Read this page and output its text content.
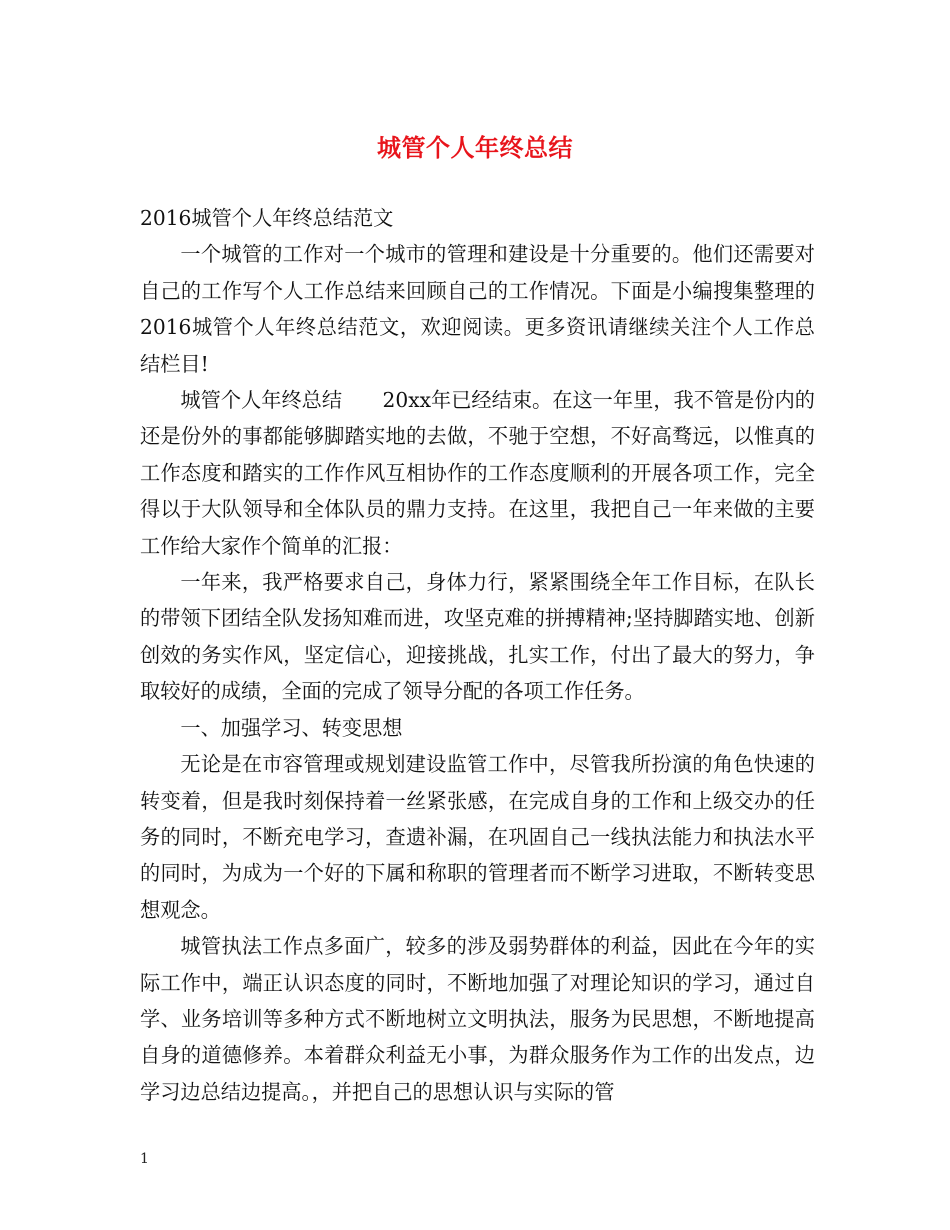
城管个人年终总结

2016城管个人年终总结范文

一个城管的工作对一个城市的管理和建设是十分重要的。他们还需要对自己的工作写个人工作总结来回顾自己的工作情况。下面是小编搜集整理的2016城管个人年终总结范文，欢迎阅读。更多资讯请继续关注个人工作总结栏目!

城管个人年终总结　　20xx年已经结束。在这一年里，我不管是份内的还是份外的事都能够脚踏实地的去做，不驰于空想，不好高骛远，以惟真的工作态度和踏实的工作作风互相协作的工作态度顺利的开展各项工作，完全得以于大队领导和全体队员的鼎力支持。在这里，我把自己一年来做的主要工作给大家作个简单的汇报：

一年来，我严格要求自己，身体力行，紧紧围绕全年工作目标，在队长的带领下团结全队发扬知难而进，攻坚克难的拼搏精神;坚持脚踏实地、创新创效的务实作风，坚定信心，迎接挑战，扎实工作，付出了最大的努力，争取较好的成绩，全面的完成了领导分配的各项工作任务。

一、加强学习、转变思想

无论是在市容管理或规划建设监管工作中，尽管我所扮演的角色快速的转变着，但是我时刻保持着一丝紧张感，在完成自身的工作和上级交办的任务的同时，不断充电学习，查遗补漏，在巩固自己一线执法能力和执法水平的同时，为成为一个好的下属和称职的管理者而不断学习进取，不断转变思想观念。

城管执法工作点多面广，较多的涉及弱势群体的利益，因此在今年的实际工作中，端正认识态度的同时，不断地加强了对理论知识的学习，通过自学、业务培训等多种方式不断地树立文明执法，服务为民思想，不断地提高自身的道德修养。本着群众利益无小事，为群众服务作为工作的出发点，边学习边总结边提高。，并把自己的思想认识与实际的管

1
